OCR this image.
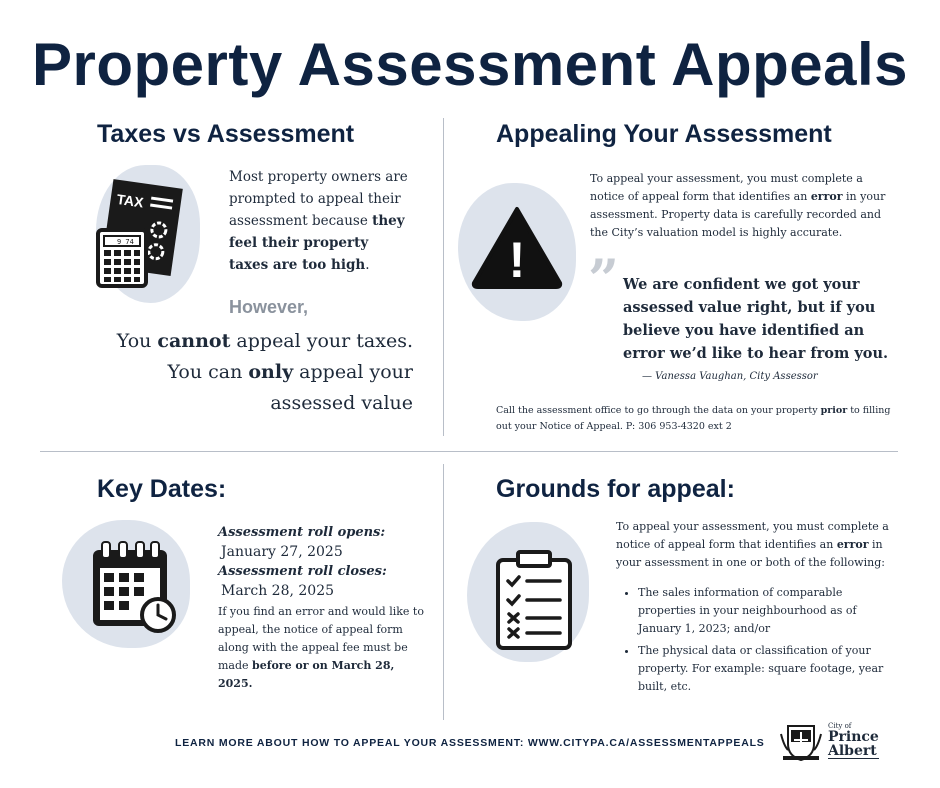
Property Assessment Appeals
Taxes vs Assessment
TAX
9 74
Most property owners are prompted to appeal their assessment because they feel their property taxes are too high.
However,
You cannot appeal your taxes.
You can only appeal your
assessed value
Appealing Your Assessment
!
To appeal your assessment, you must complete a notice of appeal form that identifies an error in your assessment. Property data is carefully recorded and the City’s valuation model is highly accurate.
” We are confident we got your assessed value right, but if you believe you have identified an error we’d like to hear from you.
— Vanessa Vaughan, City Assessor
Call the assessment office to go through the data on your property prior to filling out your Notice of Appeal. P: 306 953-4320 ext 2
Key Dates:
Assessment roll opens:
January 27, 2025
Assessment roll closes:
March 28, 2025
If you find an error and would like to appeal, the notice of appeal form along with the appeal fee must be made before or on March 28, 2025.
Grounds for appeal:
To appeal your assessment, you must complete a notice of appeal form that identifies an error in your assessment in one or both of the following:
• The sales information of comparable properties in your neighbourhood as of January 1, 2023; and/or
• The physical data or classification of your property. For example: square footage, year built, etc.
LEARN MORE ABOUT HOW TO APPEAL YOUR ASSESSMENT: WWW.CITYPA.CA/ASSESSMENTAPPEALS
City of
Prince
Albert
